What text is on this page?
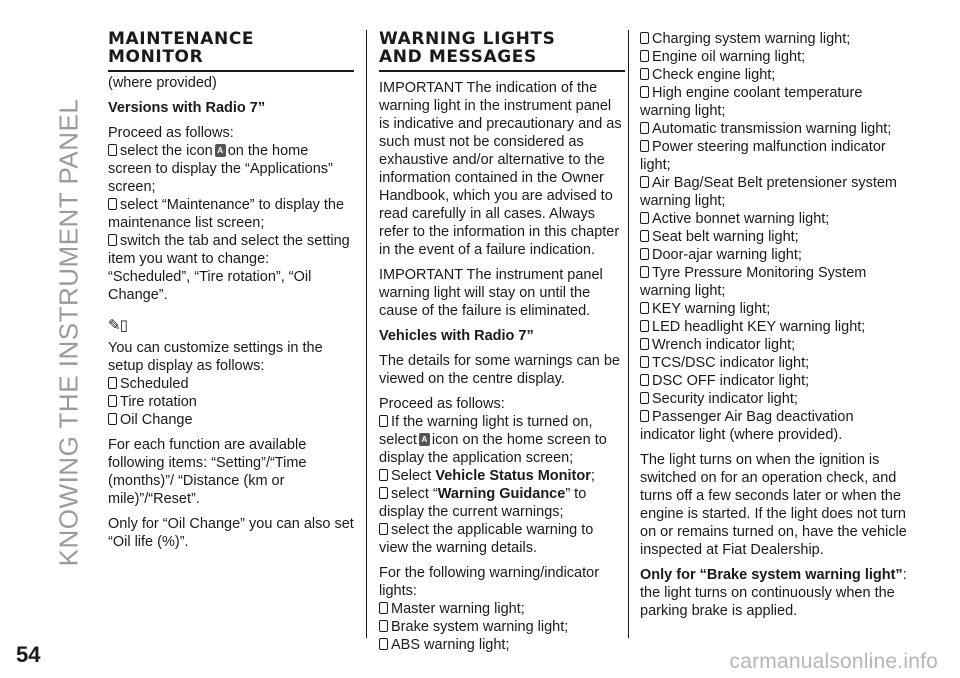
KNOWING THE INSTRUMENT PANEL
MAINTENANCE
MONITOR

(where provided)

Versions with Radio 7”

Proceed as follows:

select the icon A on the home screen to display the “Applications” screen;

select “Maintenance” to display the maintenance list screen;

switch the tab and select the setting item you want to change: “Scheduled”, “Tire rotation”, “Oil Change”.

✎▯

You can customize settings in the setup display as follows:

Scheduled

Tire rotation

Oil Change

For each function are available following items: “Setting”/“Time (months)”/ “Distance (km or mile)”/“Reset”.

Only for “Oil Change” you can also set “Oil life (%)”.

WARNING LIGHTS
AND MESSAGES

IMPORTANT The indication of the warning light in the instrument panel is indicative and precautionary and as such must not be considered as exhaustive and/or alternative to the information contained in the Owner Handbook, which you are advised to read carefully in all cases. Always refer to the information in this chapter in the event of a failure indication.

IMPORTANT The instrument panel warning light will stay on until the cause of the failure is eliminated.

Vehicles with Radio 7”

The details for some warnings can be viewed on the centre display.

Proceed as follows:

If the warning light is turned on, select A icon on the home screen to display the application screen;

Select Vehicle Status Monitor;

select “Warning Guidance” to display the current warnings;

select the applicable warning to view the warning details.

For the following warning/indicator lights:

Master warning light;

Brake system warning light;

ABS warning light;

Charging system warning light;

Engine oil warning light;

Check engine light;

High engine coolant temperature warning light;

Automatic transmission warning light;

Power steering malfunction indicator light;

Air Bag/Seat Belt pretensioner system warning light;

Active bonnet warning light;

Seat belt warning light;

Door-ajar warning light;

Tyre Pressure Monitoring System warning light;

KEY warning light;

LED headlight KEY warning light;

Wrench indicator light;

TCS/DSC indicator light;

DSC OFF indicator light;

Security indicator light;

Passenger Air Bag deactivation indicator light (where provided).

The light turns on when the ignition is switched on for an operation check, and turns off a few seconds later or when the engine is started. If the light does not turn on or remains turned on, have the vehicle inspected at Fiat Dealership.

Only for “Brake system warning light”: the light turns on continuously when the parking brake is applied.

54	carmanualsonline.info
